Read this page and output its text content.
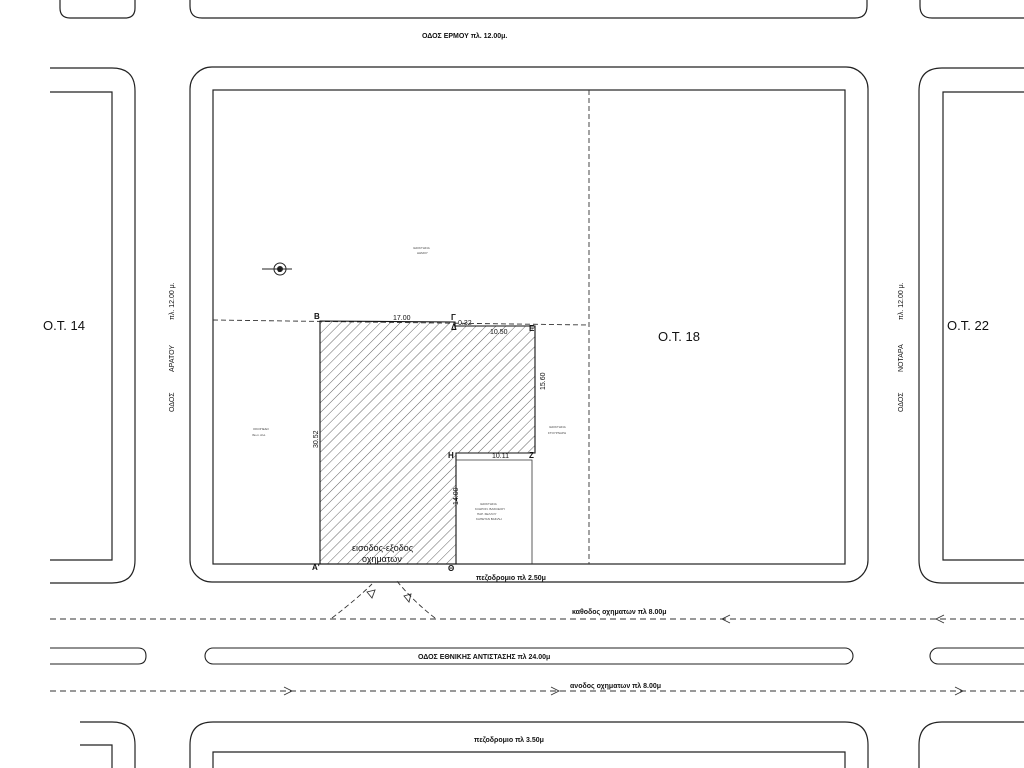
Β
Ο.Τ. 14
Ο.Τ. 18
Ο.Τ. 22
ΟΔΟΣ ΕΡΜΟΥ πλ. 12.00μ.
ΟΔΟΣ
ΑΡΑΤΟΥ
πλ. 12.00 μ.
ΟΔΟΣ
ΝΟΤΑΡΑ
πλ. 12.00 μ.
πεζοδρομιο πλ 2.50μ
πεζοδρομιο πλ 3.50μ
καθοδος οχηματων πλ 8.00μ
ΟΔΟΣ ΕΘΝΙΚΗΣ ΑΝΤΙΣΤΑΣΗΣ πλ 24.00μ
ανοδος οχηματων πλ 8.00μ
εισοδος-εξοδος
οχηματων
Α'
Β	Γ
Δ	Ε
Ζ
Η
Θ
17.00
0.32
10.50
10.11
15.60
14.00
30.52
ΙΔΙΟΚΤΗΣΙΑ
ΔΗΜΟΥ
ΟΙΚΟΠΕΔΟ
Ιδιωτ. Αλλ.
ΙΔΙΟΚΤΗΣΙΑ
ΣΤΟΥΡΝΑΡΗ
ΙΔΙΟΚΤΗΣΙΑ
ΚΛΗΡΟΝ. ΒΑΣΙΛΕΙΟΥ
ΠΑΡ. ΣΕΛΛΟΥ
ΚΑΠΕΤΑΝ ΒΑΣΙΛΗ
